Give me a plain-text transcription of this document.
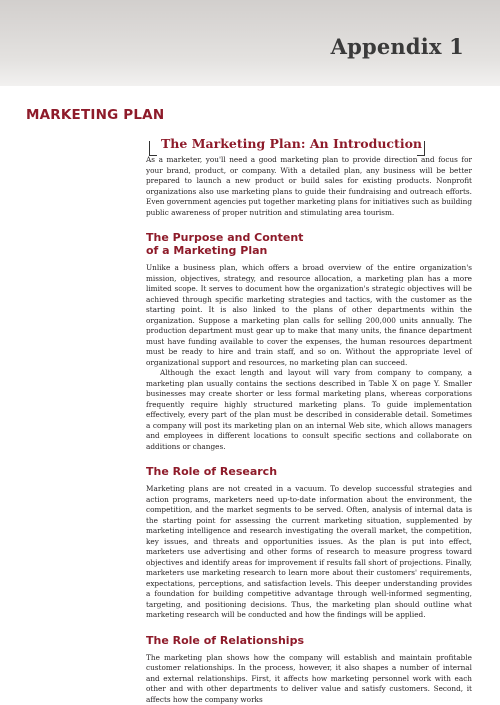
Appendix 1
MARKETING PLAN
The Marketing Plan: An Introduction

As a marketer, you'll need a good marketing plan to provide direction and focus for your brand, product, or company. With a detailed plan, any business will be better prepared to launch a new product or build sales for existing products. Nonprofit organizations also use marketing plans to guide their fundraising and outreach efforts. Even government agencies put together marketing plans for initiatives such as building public awareness of proper nutrition and stimulating area tourism.

The Purpose and Content
of a Marketing Plan

Unlike a business plan, which offers a broad overview of the entire organization's mission, objectives, strategy, and resource allocation, a marketing plan has a more limited scope. It serves to document how the organization's strategic objectives will be achieved through specific marketing strategies and tactics, with the customer as the starting point. It is also linked to the plans of other departments within the organization. Suppose a marketing plan calls for selling 200,000 units annually. The production department must gear up to make that many units, the finance department must have funding available to cover the expenses, the human resources department must be ready to hire and train staff, and so on. Without the appropriate level of organizational support and resources, no marketing plan can succeed.

Although the exact length and layout will vary from company to company, a marketing plan usually contains the sections described in Table X on page Y. Smaller businesses may create shorter or less formal marketing plans, whereas corporations frequently require highly structured marketing plans. To guide implementation effectively, every part of the plan must be described in considerable detail. Sometimes a company will post its marketing plan on an internal Web site, which allows managers and employees in different locations to consult specific sections and collaborate on additions or changes.

The Role of Research

Marketing plans are not created in a vacuum. To develop successful strategies and action programs, marketers need up-to-date information about the environment, the competition, and the market segments to be served. Often, analysis of internal data is the starting point for assessing the current marketing situation, supplemented by marketing intelligence and research investigating the overall market, the competition, key issues, and threats and opportunities issues. As the plan is put into effect, marketers use advertising and other forms of research to measure progress toward objectives and identify areas for improvement if results fall short of projections. Finally, marketers use marketing research to learn more about their customers' requirements, expectations, perceptions, and satisfaction levels. This deeper understanding provides a foundation for building competitive advantage through well-informed segmenting, targeting, and positioning decisions. Thus, the marketing plan should outline what marketing research will be conducted and how the findings will be applied.

The Role of Relationships

The marketing plan shows how the company will establish and maintain profitable customer relationships. In the process, however, it also shapes a number of internal and external relationships. First, it affects how marketing personnel work with each other and with other departments to deliver value and satisfy customers. Second, it affects how the company works
